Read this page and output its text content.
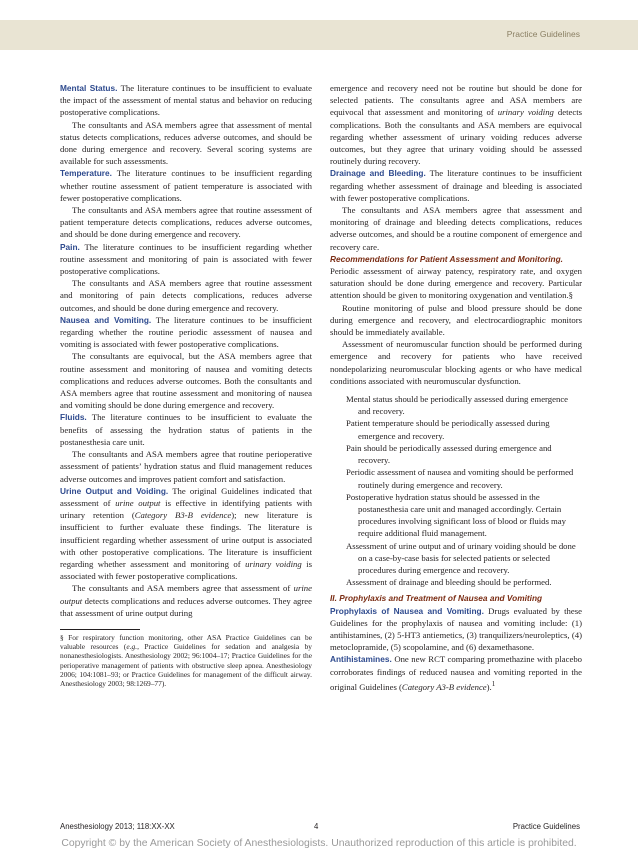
Practice Guidelines

Mental Status. The literature continues to be insufficient to evaluate the impact of the assessment of mental status and behavior on reducing postoperative complications.

The consultants and ASA members agree that assessment of mental status detects complications, reduces adverse outcomes, and should be done during emergence and recovery. Several scoring systems are available for such assessments.

Temperature. The literature continues to be insufficient regarding whether routine assessment of patient temperature is associated with fewer postoperative complications.

The consultants and ASA members agree that routine assessment of patient temperature detects complications, reduces adverse outcomes, and should be done during emergence and recovery.

Pain. The literature continues to be insufficient regarding whether routine assessment and monitoring of pain is associated with fewer postoperative complications.

The consultants and ASA members agree that routine assessment and monitoring of pain detects complications, reduces adverse outcomes, and should be done during emergence and recovery.

Nausea and Vomiting. The literature continues to be insufficient regarding whether the routine periodic assessment of nausea and vomiting is associated with fewer postoperative complications.

The consultants are equivocal, but the ASA members agree that routine assessment and monitoring of nausea and vomiting detects complications and reduces adverse outcomes. Both the consultants and ASA members agree that routine assessment and monitoring of nausea and vomiting should be done during emergence and recovery.

Fluids. The literature continues to be insufficient to evaluate the benefits of assessing the hydration status of patients in the postanesthesia care unit.

The consultants and ASA members agree that routine perioperative assessment of patients’ hydration status and fluid management reduces adverse outcomes and improves patient comfort and satisfaction.

Urine Output and Voiding. The original Guidelines indicated that assessment of urine output is effective in identifying patients with urinary retention (Category B3-B evidence); new literature is insufficient to further evaluate these findings. The literature is insufficient regarding whether assessment of urine output is associated with other postoperative complications. The literature is insufficient regarding whether assessment and monitoring of urinary voiding is associated with fewer postoperative complications.

The consultants and ASA members agree that assessment of urine output detects complications and reduces adverse outcomes. They agree that assessment of urine output during

§ For respiratory function monitoring, other ASA Practice Guidelines can be valuable resources (e.g., Practice Guidelines for sedation and analgesia by nonanesthesiologists. Anesthesiology 2002; 96:1004–17; Practice Guidelines for the perioperative management of patients with obstructive sleep apnea. Anesthesiology 2006; 104:1081–93; or Practice Guidelines for management of the difficult airway. Anesthesiology 2003; 98:1269–77).

emergence and recovery need not be routine but should be done for selected patients. The consultants agree and ASA members are equivocal that assessment and monitoring of urinary voiding detects complications. Both the consultants and ASA members are equivocal regarding whether assessment of urinary voiding reduces adverse outcomes, but they agree that urinary voiding should be assessed routinely during recovery.

Drainage and Bleeding. The literature continues to be insufficient regarding whether assessment of drainage and bleeding is associated with fewer postoperative complications.

The consultants and ASA members agree that assessment and monitoring of drainage and bleeding detects complications, reduces adverse outcomes, and should be a routine component of emergence and recovery care.

Recommendations for Patient Assessment and Monitoring.

Periodic assessment of airway patency, respiratory rate, and oxygen saturation should be done during emergence and recovery. Particular attention should be given to monitoring oxygenation and ventilation.§

Routine monitoring of pulse and blood pressure should be done during emergence and recovery, and electrocardiographic monitors should be immediately available.

Assessment of neuromuscular function should be performed during emergence and recovery for patients who have received nondepolarizing neuromuscular blocking agents or who have medical conditions associated with neuromuscular dysfunction.

Mental status should be periodically assessed during emergence and recovery.

Patient temperature should be periodically assessed during emergence and recovery.

Pain should be periodically assessed during emergence and recovery.

Periodic assessment of nausea and vomiting should be performed routinely during emergence and recovery.

Postoperative hydration status should be assessed in the postanesthesia care unit and managed accordingly. Certain procedures involving significant loss of blood or fluids may require additional fluid management.

Assessment of urine output and of urinary voiding should be done on a case-by-case basis for selected patients or selected procedures during emergence and recovery.

Assessment of drainage and bleeding should be performed.

II. Prophylaxis and Treatment of Nausea and Vomiting

Prophylaxis of Nausea and Vomiting. Drugs evaluated by these Guidelines for the prophylaxis of nausea and vomiting include: (1) antihistamines, (2) 5-HT3 antiemetics, (3) tranquilizers/neuroleptics, (4) metoclopramide, (5) scopolamine, and (6) dexamethasone.

Antihistamines. One new RCT comparing promethazine with placebo corroborates findings of reduced nausea and vomiting reported in the original Guidelines (Category A3-B evidence).$^1$

Anesthesiology 2013; 118:XX-XX	4	Practice Guidelines
Copyright © by the American Society of Anesthesiologists. Unauthorized reproduction of this article is prohibited.
